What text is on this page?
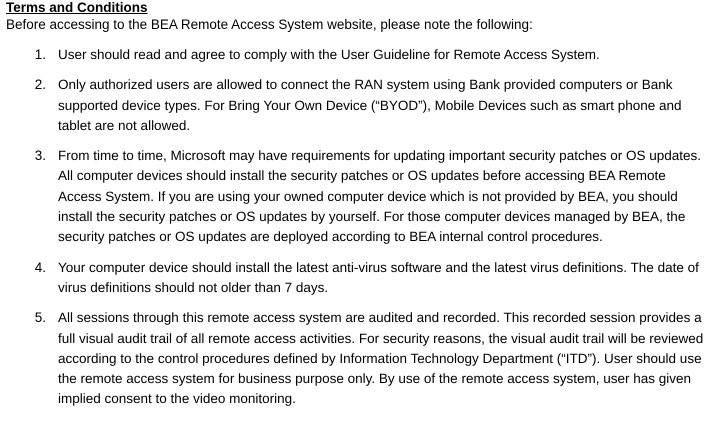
Terms and Conditions

Before accessing to the BEA Remote Access System website, please note the following:

1. User should read and agree to comply with the User Guideline for Remote Access System.
2. Only authorized users are allowed to connect the RAN system using Bank provided computers or Bank supported device types. For Bring Your Own Device (“BYOD”), Mobile Devices such as smart phone and tablet are not allowed.
3. From time to time, Microsoft may have requirements for updating important security patches or OS updates. All computer devices should install the security patches or OS updates before accessing BEA Remote Access System. If you are using your owned computer device which is not provided by BEA, you should install the security patches or OS updates by yourself. For those computer devices managed by BEA, the security patches or OS updates are deployed according to BEA internal control procedures.
4. Your computer device should install the latest anti-virus software and the latest virus definitions. The date of virus definitions should not older than 7 days.
5. All sessions through this remote access system are audited and recorded. This recorded session provides a full visual audit trail of all remote access activities. For security reasons, the visual audit trail will be reviewed according to the control procedures defined by Information Technology Department (“ITD”). User should use the remote access system for business purpose only. By use of the remote access system, user has given implied consent to the video monitoring.
